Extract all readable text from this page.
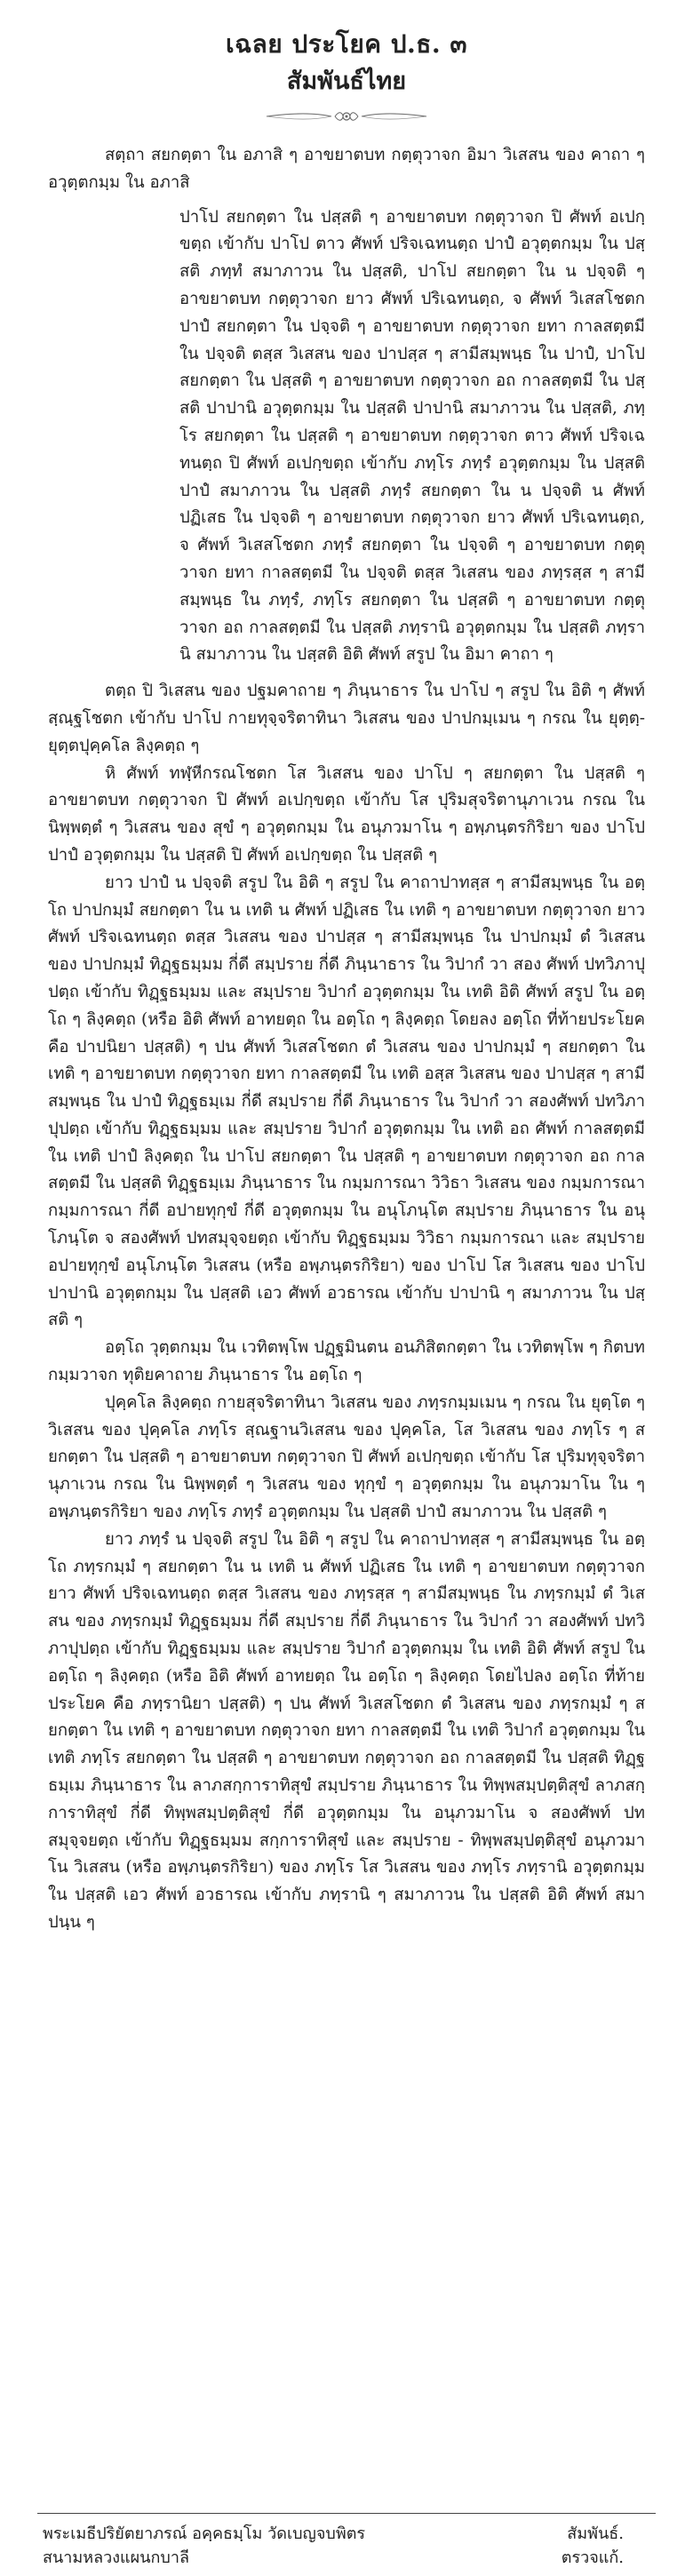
เฉลย ประโยค ป.ธ. ๓
สัมพันธ์ไทย

สตฺถา สยกตฺตา ใน อภาสิ ๆ อาขยาตบท กตฺตุวาจก อิมา วิเสสน ของ คาถา ๆ อวุตฺตกมฺม ใน อภาสิ

ปาโป สยกตฺตา ใน ปสฺสติ ๆ อาขยาตบท กตฺตุวาจก ปิ ศัพท์ อเปกฺขตฺถ เข้ากับ ปาโป ตาว ศัพท์ ปริจเฉทนตฺถ ปาปํ อวุตฺตกมฺม ใน ปสฺสติ ภทฺทํ สมาภาวน ใน ปสฺสติ, ปาโป สยกตฺตา ใน น ปจฺจติ ๆ อาขยาตบท กตฺตุวาจก ยาว ศัพท์ ปริเฉทนตฺถ, จ ศัพท์ วิเสสโชตก ปาปํ สยกตฺตา ใน ปจฺจติ ๆ อาขยาตบท กตฺตุวาจก ยทา กาลสตฺตมี ใน ปจฺจติ ตสฺส วิเสสน ของ ปาปสฺส ๆ สามีสมฺพนฺธ ใน ปาปํ, ปาโป สยกตฺตา ใน ปสฺสติ ๆ อาขยาตบท กตฺตุวาจก อถ กาลสตฺตมี ใน ปสฺสติ ปาปานิ อวุตฺตกมฺม ใน ปสฺสติ ปาปานิ สมาภาวน ใน ปสฺสติ, ภทฺโร สยกตฺตา ใน ปสฺสติ ๆ อาขยาตบท กตฺตุวาจก ตาว ศัพท์ ปริจเฉทนตฺถ ปิ ศัพท์ อเปกฺขตฺถ เข้ากับ ภทฺโร ภทฺรํ อวุตฺตกมฺม ใน ปสฺสติ ปาปํ สมาภาวน ใน ปสฺสติ ภทฺรํ สยกตฺตา ใน น ปจฺจติ น ศัพท์ ปฏิเสธ ใน ปจฺจติ ๆ อาขยาตบท กตฺตุวาจก ยาว ศัพท์ ปริเฉทนตฺถ, จ ศัพท์ วิเสสโชตก ภทฺรํ สยกตฺตา ใน ปจฺจติ ๆ อาขยาตบท กตฺตุวาจก ยทา กาลสตฺตมี ใน ปจฺจติ ตสฺส วิเสสน ของ ภทฺรสฺส ๆ สามีสมฺพนฺธ ใน ภทฺรํ, ภทฺโร สยกตฺตา ใน ปสฺสติ ๆ อาขยาตบท กตฺตุวาจก อถ กาลสตฺตมี ใน ปสฺสติ ภทฺรานิ อวุตฺตกมฺม ใน ปสฺสติ ภทฺรานิ สมาภาวน ใน ปสฺสติ อิติ ศัพท์ สรูป ใน อิมา คาถา ๆ

ตตฺถ ปิ วิเสสน ของ ปฐมคาถาย ๆ ภินฺนาธาร ใน ปาโป ๆ สรูป ใน อิติ ๆ ศัพท์ สฺณฺฐโชตก เข้ากับ ปาโป กายทุจฺจริตาทินา วิเสสน ของ ปาปกมฺเมน ๆ กรณ ใน ยุตฺตฺ-ยุตฺตปุคฺคโล ลิงฺคตฺถ ๆ

หิ ศัพท์ ทฬฺหีกรณโชตก โส วิเสสน ของ ปาโป ๆ สยกตฺตา ใน ปสฺสติ ๆ อาขยาตบท กตฺตุวาจก ปิ ศัพท์ อเปกฺขตฺถ เข้ากับ โส ปุริมสุจริตานุภาเวน กรณ ใน นิพฺพตฺตํ ๆ วิเสสน ของ สุขํ ๆ อวุตฺตกมฺม ใน อนุภวมาโน ๆ อพฺภนฺตรกิริยา ของ ปาโป ปาปํ อวุตฺตกมฺม ใน ปสฺสติ ปิ ศัพท์ อเปกฺขตฺถ ใน ปสฺสติ ๆ

ยาว ปาปํ น ปจฺจติ สรูป ใน อิติ ๆ สรูป ใน คาถาปาทสฺส ๆ สามีสมฺพนฺธ ใน อตฺโถ ปาปกมฺมํ สยกตฺตา ใน น เทติ น ศัพท์ ปฏิเสธ ใน เทติ ๆ อาขยาตบท กตฺตุวาจก ยาว ศัพท์ ปริจเฉทนตฺถ ตสฺส วิเสสน ของ ปาปสฺส ๆ สามีสมฺพนฺธ ใน ปาปกมฺมํ ตํ วิเสสน ของ ปาปกมฺมํ ทิฏฺฐธมฺมม กี่ดี สมฺปราย กี่ดี ภินฺนาธาร ใน วิปากํ วา สอง ศัพท์ ปทวิภาปุปตฺถ เข้ากับ ทิฏฺฐธมฺมม และ สมฺปราย วิปากํ อวุตฺตกมฺม ใน เทติ อิติ ศัพท์ สรูป ใน อตฺโถ ๆ ลิงฺคตฺถ (หรือ อิติ ศัพท์ อาทยตฺถ ใน อตฺโถ ๆ ลิงฺคตฺถ โดยลง อตฺโถ ที่ท้ายประโยค คือ ปาปนิยา ปสฺสติ) ๆ ปน ศัพท์ วิเสสโชตก ตํ วิเสสน ของ ปาปกมฺมํ ๆ สยกตฺตา ใน เทติ ๆ อาขยาตบท กตฺตุวาจก ยทา กาลสตฺตมี ใน เทติ อสฺส วิเสสน ของ ปาปสฺส ๆ สามีสมฺพนฺธ ใน ปาปํ ทิฏฺฐธมฺเม กี่ดี สมฺปราย กี่ดี ภินฺนาธาร ใน วิปากํ วา สองศัพท์ ปทวิภาปุปตฺถ เข้ากับ ทิฏฺฐธมฺมม และ สมฺปราย วิปากํ อวุตฺตกมฺม ใน เทติ อถ ศัพท์ กาลสตฺตมี ใน เทติ ปาปํ ลิงฺคตฺถ ใน ปาโป สยกตฺตา ใน ปสฺสติ ๆ อาขยาตบท กตฺตุวาจก อถ กาลสตฺตมี ใน ปสฺสติ ทิฏฺฐธมฺเม ภินฺนาธาร ใน กมฺมการณา วิวิธา วิเสสน ของ กมฺมการณา กมฺมการณา กี่ดี อปายทุกฺขํ กี่ดี อวุตฺตกมฺม ใน อนุโภนฺโต สมฺปราย ภินฺนาธาร ใน อนุโภนฺโต จ สองศัพท์ ปทสมุจฺจยตฺถ เข้ากับ ทิฏฺฐธมฺมม วิวิธา กมฺมการณา และ สมฺปราย อปายทุกฺขํ อนุโภนฺโต วิเสสน (หรือ อพฺภนฺตรกิริยา) ของ ปาโป โส วิเสสน ของ ปาโป ปาปานิ อวุตฺตกมฺม ใน ปสฺสติ เอว ศัพท์ อวธารณ เข้ากับ ปาปานิ ๆ สมาภาวน ใน ปสฺสติ ๆ

อตฺโถ วุตฺตกมฺม ใน เวทิตพฺโพ ปฏฺฐมินตน อนภิสิตกตฺตา ใน เวทิตพฺโพ ๆ กิตบท กมฺมวาจก ทุติยคาถาย ภินฺนาธาร ใน อตฺโถ ๆ

ปุคฺคโล ลิงฺคตฺถ กายสุจริตาทินา วิเสสน ของ ภทฺรกมฺมเมน ๆ กรณ ใน ยุตฺโต ๆ วิเสสน ของ ปุคฺคโล ภทฺโร สฺณฐานวิเสสน ของ ปุคฺคโล, โส วิเสสน ของ ภทฺโร ๆ สยกตฺตา ใน ปสฺสติ ๆ อาขยาตบท กตฺตุวาจก ปิ ศัพท์ อเปกฺขตฺถ เข้ากับ โส ปุริมทุจฺจริตานุภาเวน กรณ ใน นิพฺพตฺตํ ๆ วิเสสน ของ ทุกฺขํ ๆ อวุตฺตกมฺม ใน อนุภวมาโน ใน ๆ อพฺภนฺตรกิริยา ของ ภทฺโร ภทฺรํ อวุตฺตกมฺม ใน ปสฺสติ ปาปํ สมาภาวน ใน ปสฺสติ ๆ

ยาว ภทฺรํ น ปจฺจติ สรูป ใน อิติ ๆ สรูป ใน คาถาปาทสฺส ๆ สามีสมฺพนฺธ ใน อตฺโถ ภทฺรกมฺมํ ๆ สยกตฺตา ใน น เทติ น ศัพท์ ปฏิเสธ ใน เทติ ๆ อาขยาตบท กตฺตุวาจก ยาว ศัพท์ ปริจเฉทนตฺถ ตสฺส วิเสสน ของ ภทฺรสฺส ๆ สามีสมฺพนฺธ ใน ภทฺรกมฺมํ ตํ วิเสสน ของ ภทฺรกมฺมํ ทิฏฺฐธมฺมม กี่ดี สมฺปราย กี่ดี ภินฺนาธาร ใน วิปากํ วา สองศัพท์ ปทวิภาปุปตฺถ เข้ากับ ทิฏฺฐธมฺมม และ สมฺปราย วิปากํ อวุตฺตกมฺม ใน เทติ อิติ ศัพท์ สรูป ใน อตฺโถ ๆ ลิงฺคตฺถ (หรือ อิติ ศัพท์ อาทยตฺถ ใน อตฺโถ ๆ ลิงฺคตฺถ โดยไปลง อตฺโถ ที่ท้ายประโยค คือ ภทฺรานิยา ปสฺสติ) ๆ ปน ศัพท์ วิเสสโชตก ตํ วิเสสน ของ ภทฺรกมฺมํ ๆ สยกตฺตา ใน เทติ ๆ อาขยาตบท กตฺตุวาจก ยทา กาลสตฺตมี ใน เทติ วิปากํ อวุตฺตกมฺม ใน เทติ ภทฺโร สยกตฺตา ใน ปสฺสติ ๆ อาขยาตบท กตฺตุวาจก อถ กาลสตฺตมี ใน ปสฺสติ ทิฏฺฐธมฺเม ภินฺนาธาร ใน ลาภสกฺการาทิสุขํ สมฺปราย ภินฺนาธาร ใน ทิพฺพสมฺปตฺติสุขํ ลาภสกฺการาทิสุขํ กี่ดี ทิพฺพสมฺปตฺติสุขํ กี่ดี อวุตฺตกมฺม ใน อนุภวมาโน จ สองศัพท์ ปทสมุจฺจยตฺถ เข้ากับ ทิฏฺฐธมฺมม สกฺการาทิสุขํ และ สมฺปราย - ทิพฺพสมฺปตฺติสุขํ อนุภวมาโน วิเสสน (หรือ อพฺภนฺตรกิริยา) ของ ภทฺโร โส วิเสสน ของ ภทฺโร ภทฺรานิ อวุตฺตกมฺม ใน ปสฺสติ เอว ศัพท์ อวธารณ เข้ากับ ภทฺรานิ ๆ สมาภาวน ใน ปสฺสติ อิติ ศัพท์ สมาปนฺน ๆ

พระเมธีปริยัตยาภรณ์ อคฺคธมฺโม วัดเบญจบพิตร
สนามหลวงแผนกบาลี
สัมพันธ์.
ตรวจแก้.
